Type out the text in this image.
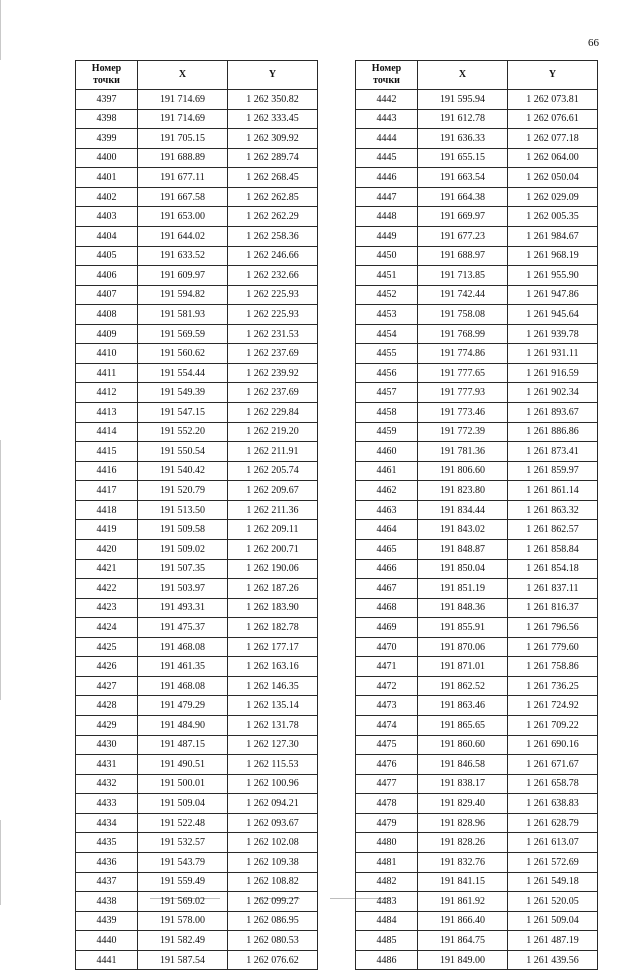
66
Номер
точки	X	Y
4397	191 714.69	1 262 350.82
4398	191 714.69	1 262 333.45
4399	191 705.15	1 262 309.92
4400	191 688.89	1 262 289.74
4401	191 677.11	1 262 268.45
4402	191 667.58	1 262 262.85
4403	191 653.00	1 262 262.29
4404	191 644.02	1 262 258.36
4405	191 633.52	1 262 246.66
4406	191 609.97	1 262 232.66
4407	191 594.82	1 262 225.93
4408	191 581.93	1 262 225.93
4409	191 569.59	1 262 231.53
4410	191 560.62	1 262 237.69
4411	191 554.44	1 262 239.92
4412	191 549.39	1 262 237.69
4413	191 547.15	1 262 229.84
4414	191 552.20	1 262 219.20
4415	191 550.54	1 262 211.91
4416	191 540.42	1 262 205.74
4417	191 520.79	1 262 209.67
4418	191 513.50	1 262 211.36
4419	191 509.58	1 262 209.11
4420	191 509.02	1 262 200.71
4421	191 507.35	1 262 190.06
4422	191 503.97	1 262 187.26
4423	191 493.31	1 262 183.90
4424	191 475.37	1 262 182.78
4425	191 468.08	1 262 177.17
4426	191 461.35	1 262 163.16
4427	191 468.08	1 262 146.35
4428	191 479.29	1 262 135.14
4429	191 484.90	1 262 131.78
4430	191 487.15	1 262 127.30
4431	191 490.51	1 262 115.53
4432	191 500.01	1 262 100.96
4433	191 509.04	1 262 094.21
4434	191 522.48	1 262 093.67
4435	191 532.57	1 262 102.08
4436	191 543.79	1 262 109.38
4437	191 559.49	1 262 108.82
4438	191 569.02	1 262 099.27
4439	191 578.00	1 262 086.95
4440	191 582.49	1 262 080.53
4441	191 587.54	1 262 076.62
Номер
точки	X	Y
4442	191 595.94	1 262 073.81
4443	191 612.78	1 262 076.61
4444	191 636.33	1 262 077.18
4445	191 655.15	1 262 064.00
4446	191 663.54	1 262 050.04
4447	191 664.38	1 262 029.09
4448	191 669.97	1 262 005.35
4449	191 677.23	1 261 984.67
4450	191 688.97	1 261 968.19
4451	191 713.85	1 261 955.90
4452	191 742.44	1 261 947.86
4453	191 758.08	1 261 945.64
4454	191 768.99	1 261 939.78
4455	191 774.86	1 261 931.11
4456	191 777.65	1 261 916.59
4457	191 777.93	1 261 902.34
4458	191 773.46	1 261 893.67
4459	191 772.39	1 261 886.86
4460	191 781.36	1 261 873.41
4461	191 806.60	1 261 859.97
4462	191 823.80	1 261 861.14
4463	191 834.44	1 261 863.32
4464	191 843.02	1 261 862.57
4465	191 848.87	1 261 858.84
4466	191 850.04	1 261 854.18
4467	191 851.19	1 261 837.11
4468	191 848.36	1 261 816.37
4469	191 855.91	1 261 796.56
4470	191 870.06	1 261 779.60
4471	191 871.01	1 261 758.86
4472	191 862.52	1 261 736.25
4473	191 863.46	1 261 724.92
4474	191 865.65	1 261 709.22
4475	191 860.60	1 261 690.16
4476	191 846.58	1 261 671.67
4477	191 838.17	1 261 658.78
4478	191 829.40	1 261 638.83
4479	191 828.96	1 261 628.79
4480	191 828.26	1 261 613.07
4481	191 832.76	1 261 572.69
4482	191 841.15	1 261 549.18
4483	191 861.92	1 261 520.05
4484	191 866.40	1 261 509.04
4485	191 864.75	1 261 487.19
4486	191 849.00	1 261 439.56
